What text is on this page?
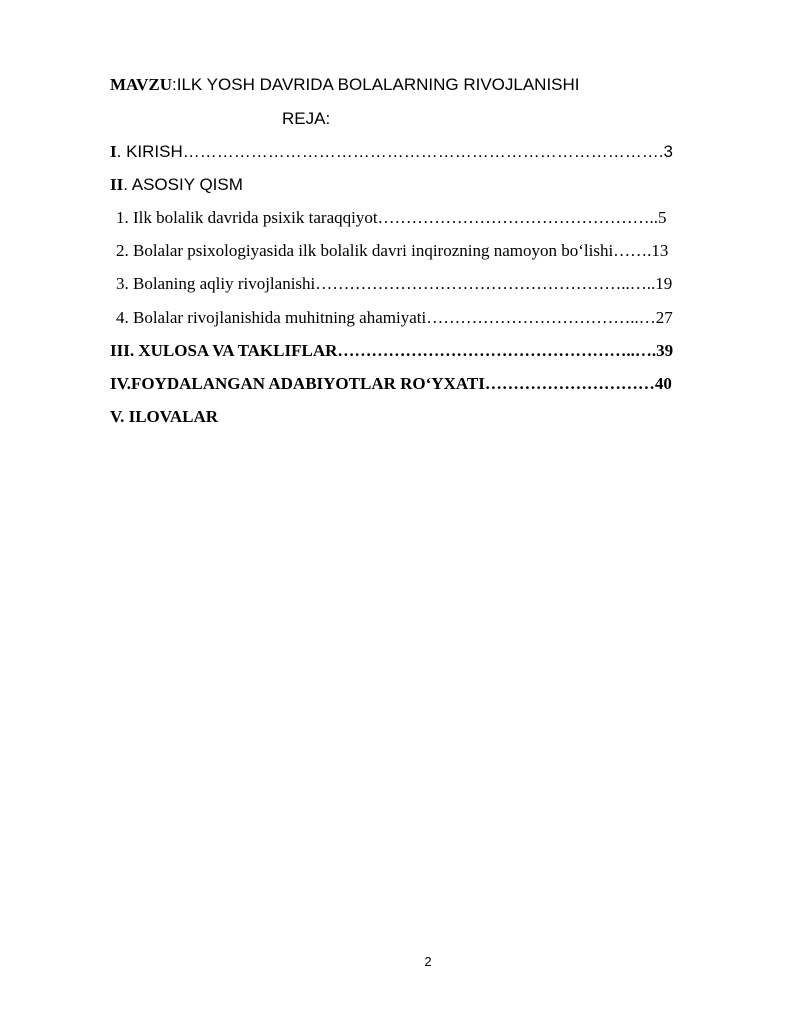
MAVZU:ILK YOSH DAVRIDA BOLALARNING RIVOJLANISHI
REJA:
I. KIRISH………………………………………………………………………….3
II. ASOSIY QISM
1. Ilk bolalik davrida psixik taraqqiyot…………………………………………..5
2. Bolalar psixologiyasida ilk bolalik davri inqirozning namoyon bo‘lishi…….13
3. Bolaning aqliy rivojlanishi………………………………………………..…..19
4. Bolalar rivojlanishida muhitning ahamiyati………………………………..…27
III. XULOSA VA TAKLIFLAR……………………………………………..….39
IV.FOYDALANGAN ADABIYOTLAR RO‘YXATI…………………………40
V. ILOVALAR
2
